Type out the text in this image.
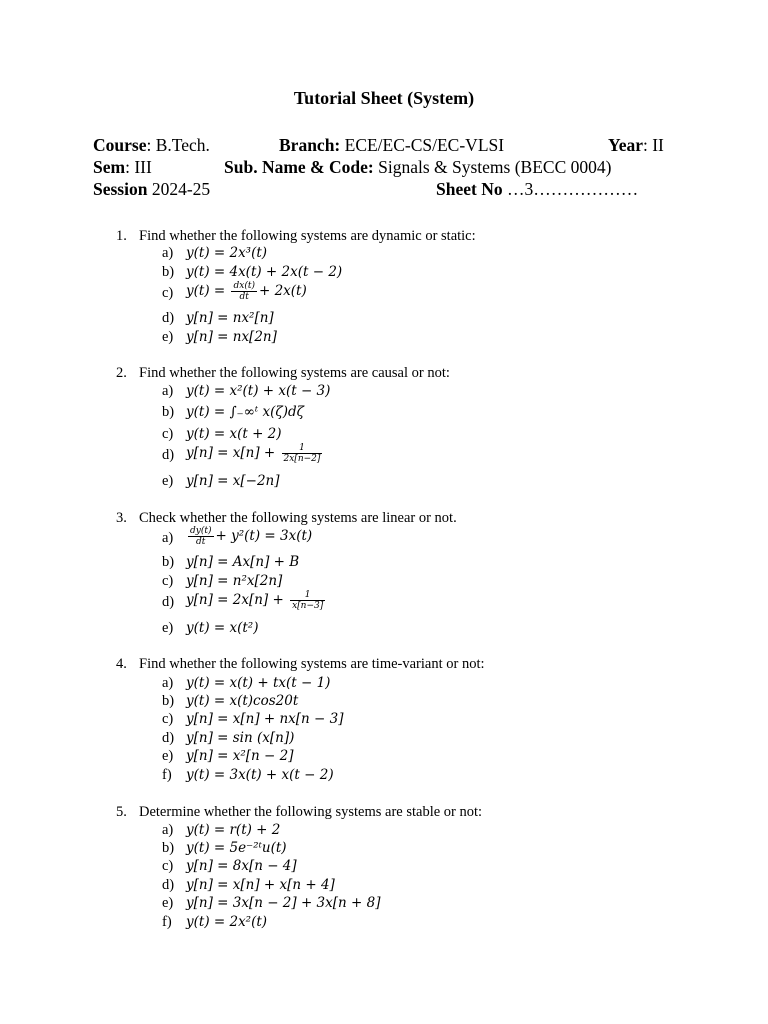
Tutorial Sheet (System)
Course: B.Tech.	Branch: ECE/EC-CS/EC-VLSI	Year: II
Sem: III	Sub. Name & Code: Signals & Systems (BECC 0004)
Session 2024-25	Sheet No …3………………
1. Find whether the following systems are dynamic or static:
a) y(t) = 2x³(t)
b) y(t) = 4x(t) + 2x(t − 2)
c) $y(t) = \frac{dx(t)}{dt} + 2x(t)$
d) y[n] = nx²[n]
e) y[n] = nx[2n]
2. Find whether the following systems are causal or not:
a) y(t) = x²(t) + x(t − 3)
b) y(t) = ∫₋∞ᵗ x(ζ)dζ
c) y(t) = x(t + 2)
d) $y[n] = x[n] + \frac{1}{2x[n-2]}$
e) y[n] = x[−2n]
3. Check whether the following systems are linear or not.
$a) \frac{dy(t)}{dt} + y^2(t) = 3x(t)$
b) y[n] = Ax[n] + B
c) y[n] = n²x[2n]
d) $y[n] = 2x[n] + \frac{1}{x[n-3]}$
e) y(t) = x(t²)
4. Find whether the following systems are time-variant or not:
a) y(t) = x(t) + tx(t − 1)
b) y(t) = x(t)cos20t
c) y[n] = x[n] + nx[n − 3]
d) y[n] = sin (x[n])
e) y[n] = x²[n − 2]
f) y(t) = 3x(t) + x(t − 2)
5. Determine whether the following systems are stable or not:
a) y(t) = r(t) + 2
b) y(t) = 5e⁻²ᵗu(t)
c) y[n] = 8x[n − 4]
d) y[n] = x[n] + x[n + 4]
e) y[n] = 3x[n − 2] + 3x[n + 8]
f) y(t) = 2x²(t)
